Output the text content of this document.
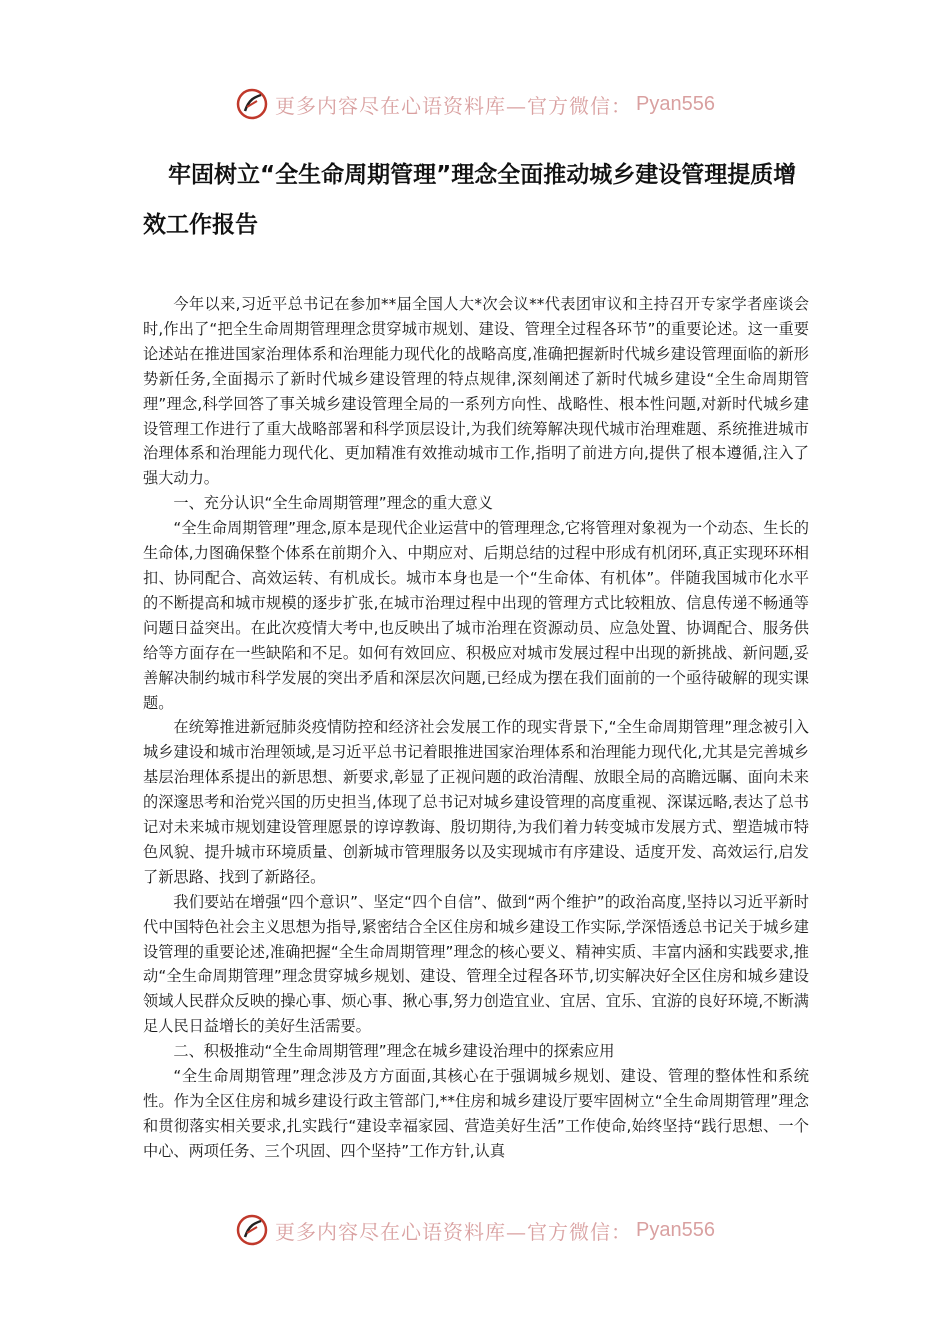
更多内容尽在心语资料库—官方微信： Pyan556
牢固树立“全生命周期管理”理念全面推动城乡建设管理提质增效工作报告

今年以来,习近平总书记在参加**届全国人大*次会议**代表团审议和主持召开专家学者座谈会时,作出了“把全生命周期管理理念贯穿城市规划、建设、管理全过程各环节”的重要论述。这一重要论述站在推进国家治理体系和治理能力现代化的战略高度,准确把握新时代城乡建设管理面临的新形势新任务,全面揭示了新时代城乡建设管理的特点规律,深刻阐述了新时代城乡建设“全生命周期管理”理念,科学回答了事关城乡建设管理全局的一系列方向性、战略性、根本性问题,对新时代城乡建设管理工作进行了重大战略部署和科学顶层设计,为我们统筹解决现代城市治理难题、系统推进城市治理体系和治理能力现代化、更加精准有效推动城市工作,指明了前进方向,提供了根本遵循,注入了强大动力。

一、充分认识“全生命周期管理”理念的重大意义

“全生命周期管理”理念,原本是现代企业运营中的管理理念,它将管理对象视为一个动态、生长的生命体,力图确保整个体系在前期介入、中期应对、后期总结的过程中形成有机闭环,真正实现环环相扣、协同配合、高效运转、有机成长。城市本身也是一个“生命体、有机体”。伴随我国城市化水平的不断提高和城市规模的逐步扩张,在城市治理过程中出现的管理方式比较粗放、信息传递不畅通等问题日益突出。在此次疫情大考中,也反映出了城市治理在资源动员、应急处置、协调配合、服务供给等方面存在一些缺陷和不足。如何有效回应、积极应对城市发展过程中出现的新挑战、新问题,妥善解决制约城市科学发展的突出矛盾和深层次问题,已经成为摆在我们面前的一个亟待破解的现实课题。

在统筹推进新冠肺炎疫情防控和经济社会发展工作的现实背景下,“全生命周期管理”理念被引入城乡建设和城市治理领域,是习近平总书记着眼推进国家治理体系和治理能力现代化,尤其是完善城乡基层治理体系提出的新思想、新要求,彰显了正视问题的政治清醒、放眼全局的高瞻远瞩、面向未来的深邃思考和治党兴国的历史担当,体现了总书记对城乡建设管理的高度重视、深谋远略,表达了总书记对未来城市规划建设管理愿景的谆谆教诲、殷切期待,为我们着力转变城市发展方式、塑造城市特色风貌、提升城市环境质量、创新城市管理服务以及实现城市有序建设、适度开发、高效运行,启发了新思路、找到了新路径。

我们要站在增强“四个意识”、坚定“四个自信”、做到“两个维护”的政治高度,坚持以习近平新时代中国特色社会主义思想为指导,紧密结合全区住房和城乡建设工作实际,学深悟透总书记关于城乡建设管理的重要论述,准确把握“全生命周期管理”理念的核心要义、精神实质、丰富内涵和实践要求,推动“全生命周期管理”理念贯穿城乡规划、建设、管理全过程各环节,切实解决好全区住房和城乡建设领域人民群众反映的操心事、烦心事、揪心事,努力创造宜业、宜居、宜乐、宜游的良好环境,不断满足人民日益增长的美好生活需要。

二、积极推动“全生命周期管理”理念在城乡建设治理中的探索应用

“全生命周期管理”理念涉及方方面面,其核心在于强调城乡规划、建设、管理的整体性和系统性。作为全区住房和城乡建设行政主管部门,**住房和城乡建设厅要牢固树立“全生命周期管理”理念和贯彻落实相关要求,扎实践行“建设幸福家园、营造美好生活”工作使命,始终坚持“践行思想、一个中心、两项任务、三个巩固、四个坚持”工作方针,认真

更多内容尽在心语资料库—官方微信： Pyan556
